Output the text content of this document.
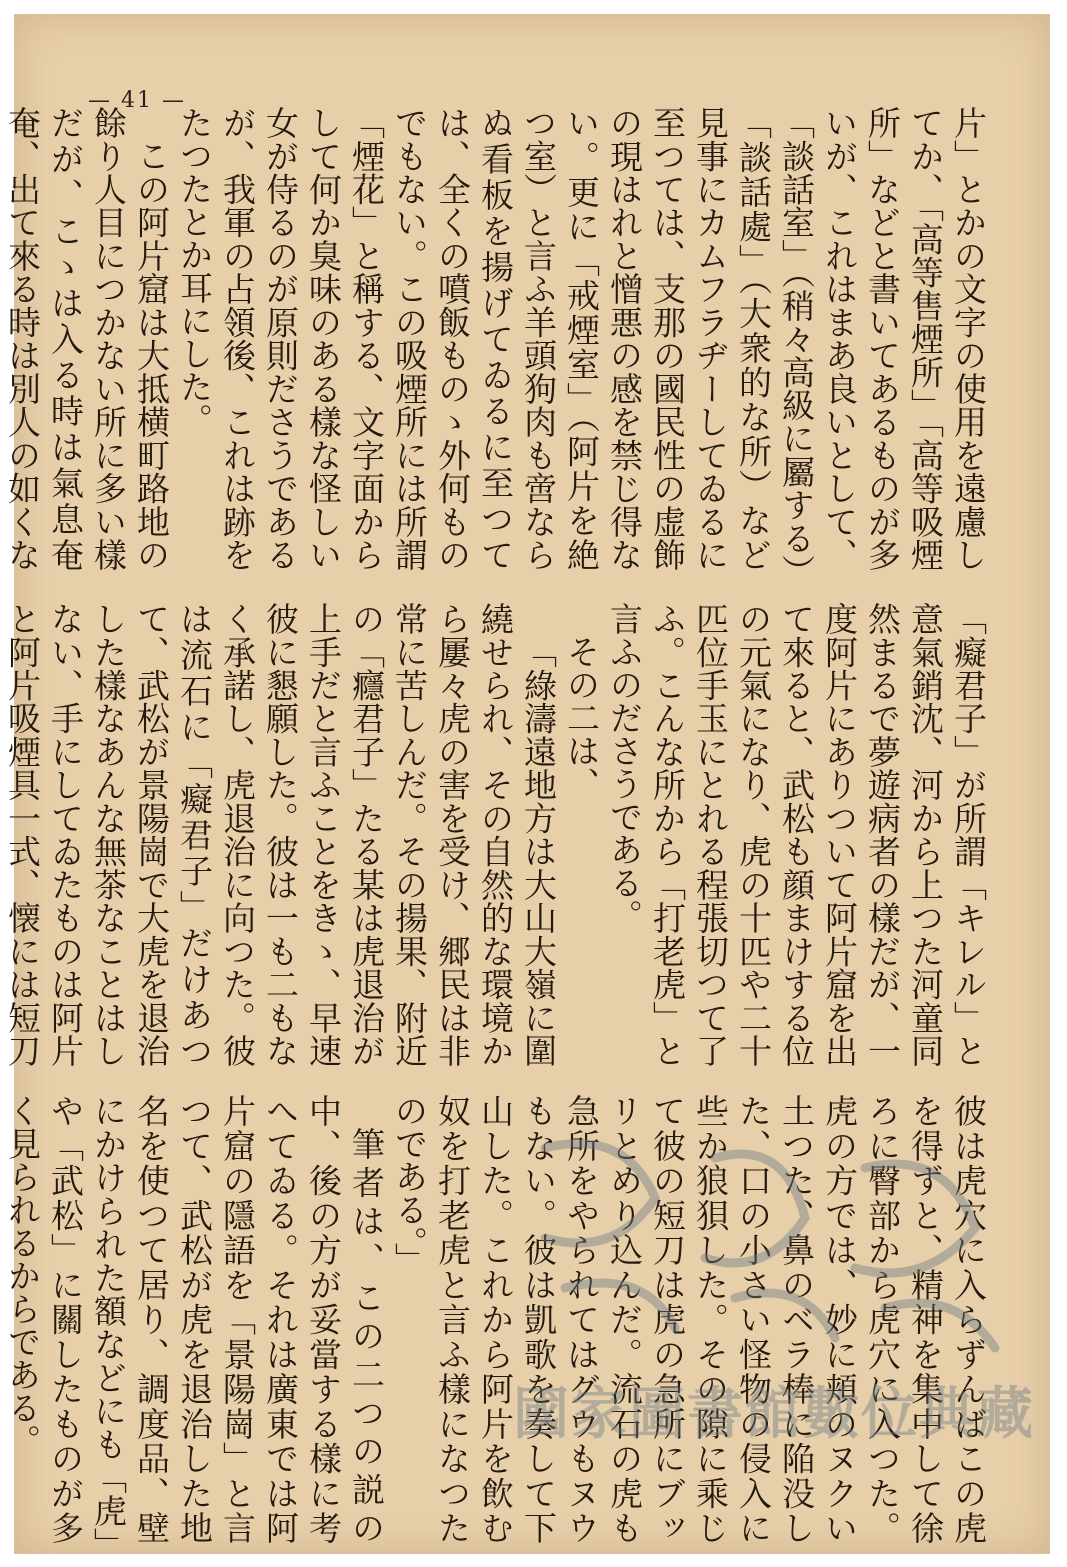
— 41 —

片」とかの文字の使用を遠慮してか、「高等售煙所」「高等吸煙所」などと書いてあるものが多いが、これはまあ良いとして、「談話室」（稍々高級に屬する）「談話處」（大衆的な所）など見事にカムフラヂーしてゐるに至つては、支那の國民性の虚飾の現はれと憎悪の感を禁じ得ない。更に「戒煙室」（阿片を絶つ室）と言ふ羊頭狗肉も啻ならぬ看板を揚げてゐるに至つては、全くの噴飯ものゝ外何ものでもない。この吸煙所には所謂「煙花」と稱する、文字面からして何か臭味のある樣な怪しい女が侍るのが原則ださうであるが、我軍の占領後、これは跡をたつたとか耳にした。

この阿片窟は大抵横町路地の餘り人目につかない所に多い樣だが、こゝは入る時は氣息奄奄、出て來る時は別人の如くな

「癡君子」が所謂「キレル」と意氣銷沈、河から上つた河童同然まるで夢遊病者の樣だが、一度阿片にありついて阿片窟を出て來ると、武松も顔まけする位の元氣になり、虎の十匹や二十匹位手玉にとれる程張切つて了ふ。こんな所から「打老虎」と言ふのださうである。

その二は、

「綠濤遠地方は大山大嶺に圍繞せられ、その自然的な環境から屢々虎の害を受け、郷民は非常に苦しんだ。その揚果、附近の「癮君子」たる某は虎退治が上手だと言ふことをきゝ、早速彼に懇願した。彼は一も二もなく承諾し、虎退治に向つた。彼は流石に「癡君子」だけあつて、武松が景陽崗で大虎を退治した樣なあんな無茶なことはしない、手にしてゐたものは阿片と阿片吸煙具一式、懐には短刀

彼は虎穴に入らずんばこの虎を得ずと、精神を集中して徐ろに臀部から虎穴に入つた。虎の方では、妙に頬のヌクい土つた、鼻のベラ棒に陥没した、口の小さい怪物の侵入に些か狼狽した。その隙に乘じて彼の短刀は虎の急所にブッリとめり込んだ。流石の虎も急所をやられてはグウもヌウもない。彼は凱歌を奏して下山した。これから阿片を飲む奴を打老虎と言ふ樣になつたのである。」

筆者は、この二つの説の中、後の方が妥當する樣に考へてゐる。それは廣東では阿片窟の隱語を「景陽崗」と言つて、武松が虎を退治した地名を使つて居り、調度品、壁にかけられた額などにも「虎」や「武松」に關したものが多く見られるからである。	國家圖書館數位典藏
